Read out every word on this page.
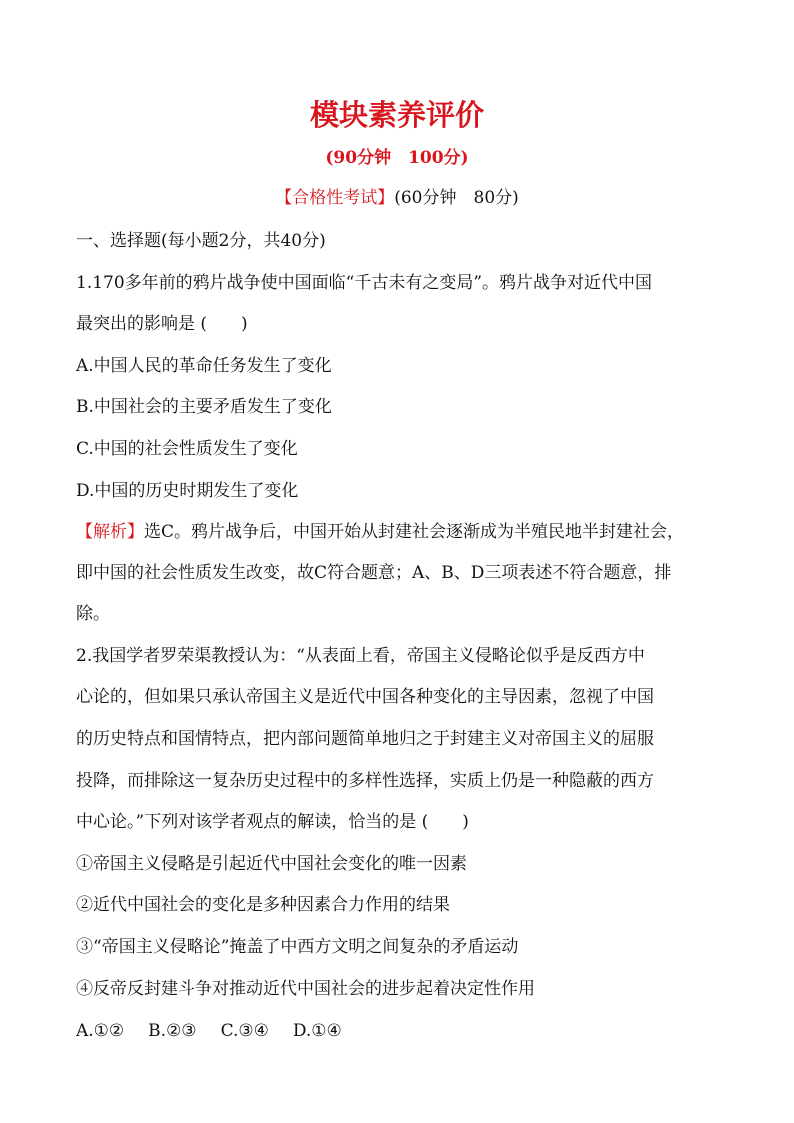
模块素养评价
(90分钟　100分)
【合格性考试】(60分钟　80分)
一、选择题(每小题2分，共40分)
1.170多年前的鸦片战争使中国面临“千古未有之变局”。鸦片战争对近代中国
最突出的影响是 (　　)
A.中国人民的革命任务发生了变化
B.中国社会的主要矛盾发生了变化
C.中国的社会性质发生了变化
D.中国的历史时期发生了变化
【解析】选C。鸦片战争后，中国开始从封建社会逐渐成为半殖民地半封建社会，
即中国的社会性质发生改变，故C符合题意；A、B、D三项表述不符合题意，排
除。
2.我国学者罗荣渠教授认为：“从表面上看，帝国主义侵略论似乎是反西方中
心论的，但如果只承认帝国主义是近代中国各种变化的主导因素，忽视了中国
的历史特点和国情特点，把内部问题简单地归之于封建主义对帝国主义的屈服
投降，而排除这一复杂历史过程中的多样性选择，实质上仍是一种隐蔽的西方
中心论。”下列对该学者观点的解读，恰当的是 (　　)
①帝国主义侵略是引起近代中国社会变化的唯一因素
②近代中国社会的变化是多种因素合力作用的结果
③“帝国主义侵略论”掩盖了中西方文明之间复杂的矛盾运动
④反帝反封建斗争对推动近代中国社会的进步起着决定性作用
A.①② B.②③ C.③④ D.①④
